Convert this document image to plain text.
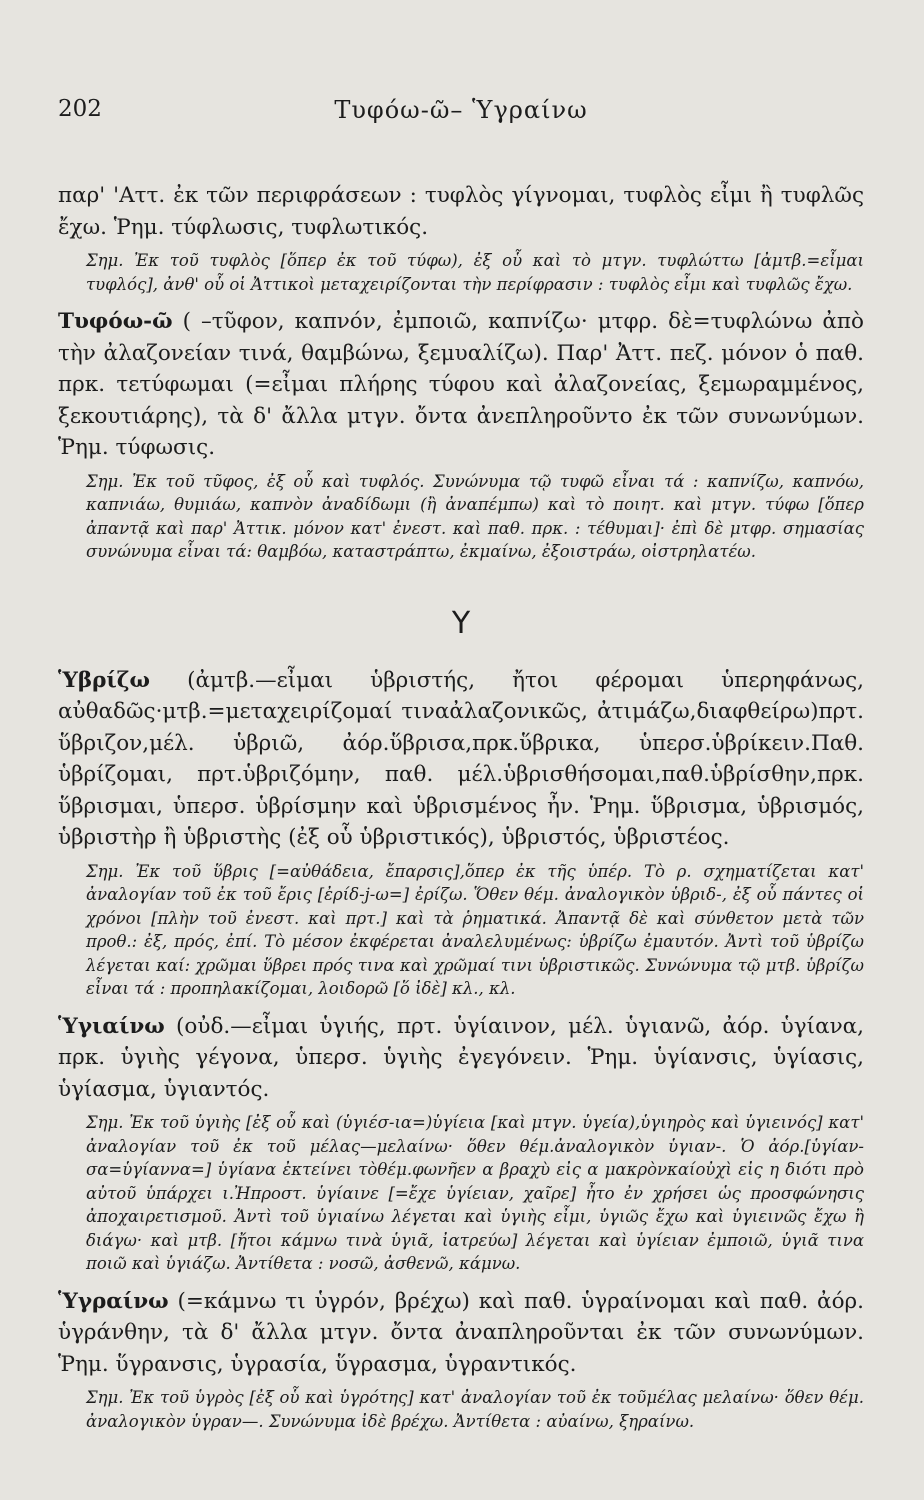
202	Τυφόω-ῶ– Ὑγραίνω

παρ' 'Αττ. ἐκ τῶν περιφράσεων : τυφλὸς γίγνομαι, τυφλὸς εἶμι ἢ τυφλῶς ἔχω. Ῥημ. τύφλωσις, τυφλωτικός.

Σημ. Ἐκ τοῦ τυφλὸς [ὅπερ ἐκ τοῦ τύφω), ἐξ οὗ καὶ τὸ μτγν. τυφλώττω [ἀμτβ.=εἶμαι τυφλός], ἀνθ' οὗ οἱ Ἀττικοὶ μεταχειρίζονται τὴν περίφρασιν : τυφλὸς εἶμι καὶ τυφλῶς ἔχω.

Τυφόω-ῶ ( –τῦφον, καπνόν, ἐμποιῶ, καπνίζω· μτφρ. δὲ=τυφλώνω ἀπὸ τὴν ἀλαζονείαν τινά, θαμβώνω, ξεμυαλίζω). Παρ' Ἀττ. πεζ. μόνον ὁ παθ. πρκ. τετύφωμαι (=εἶμαι πλήρης τύφου καὶ ἀλαζονείας, ξεμωραμμένος, ξεκουτιάρης), τὰ δ' ἄλλα μτγν. ὄντα ἀνεπληροῦντο ἐκ τῶν συνωνύμων. Ῥημ. τύφωσις.

Σημ. Ἐκ τοῦ τῦφος, ἐξ οὗ καὶ τυφλός. Συνώνυμα τῷ τυφῶ εἶναι τά : καπνίζω, καπνόω, καπνιάω, θυμιάω, καπνὸν ἀναδίδωμι (ἢ ἀναπέμπω) καὶ τὸ ποιητ. καὶ μτγν. τύφω [ὅπερ ἀπαντᾷ καὶ παρ' Ἀττικ. μόνον κατ' ἐνεστ. καὶ παθ. πρκ. : τέθυμαι]· ἐπὶ δὲ μτφρ. σημασίας συνώνυμα εἶναι τά: θαμβόω, καταστράπτω, ἐκμαίνω, ἐξοιστράω, οἰστρηλατέω.

Υ

Ὑβρίζω (ἀμτβ.—εἶμαι ὑβριστής, ἤτοι φέρομαι ὑπερηφάνως, αὐθαδῶς·μτβ.=μεταχειρίζομαί τιναἀλαζονικῶς, ἀτιμάζω,διαφθείρω)πρτ. ὕβριζον,μέλ. ὑβριῶ, ἀόρ.ὕβρισα,πρκ.ὕβρικα, ὑπερσ.ὑβρίκειν.Παθ. ὑβρίζομαι, πρτ.ὑβριζόμην, παθ. μέλ.ὑβρισθήσομαι,παθ.ὑβρίσθην,πρκ. ὕβρισμαι, ὑπερσ. ὑβρίσμην καὶ ὑβρισμένος ἦν. Ῥημ. ὕβρισμα, ὑβρισμός, ὑβριστὴρ ἢ ὑβριστὴς (ἐξ οὗ ὑβριστικός), ὑβριστός, ὑβριστέος.

Σημ. Ἐκ τοῦ ὕβρις [=αὐθάδεια, ἔπαρσις],ὅπερ ἐκ τῆς ὑπέρ. Τὸ ρ. σχηματίζεται κατ' ἀναλογίαν τοῦ ἐκ τοῦ ἔρις [ἐρίδ-j-ω=] ἐρίζω. Ὅθεν θέμ. ἀναλογικὸν ὑβριδ-, ἐξ οὗ πάντες οἱ χρόνοι [πλὴν τοῦ ἐνεστ. καὶ πρτ.] καὶ τὰ ῥηματικά. Ἀπαντᾷ δὲ καὶ σύνθετον μετὰ τῶν προθ.: ἐξ, πρός, ἐπί. Τὸ μέσον ἐκφέρεται ἀναλελυμένως: ὑβρίζω ἐμαυτόν. Ἀντὶ τοῦ ὑβρίζω λέγεται καί: χρῶμαι ὕβρει πρός τινα καὶ χρῶμαί τινι ὑβριστικῶς. Συνώνυμα τῷ μτβ. ὑβρίζω εἶναι τά : προπηλακίζομαι, λοιδορῶ [ὅ ἰδὲ] κλ., κλ.

Ὑγιαίνω (οὐδ.—εἶμαι ὑγιής, πρτ. ὑγίαινον, μέλ. ὑγιανῶ, ἀόρ. ὑγίανα, πρκ. ὑγιὴς γέγονα, ὑπερσ. ὑγιὴς ἐγεγόνειν. Ῥημ. ὑγίανσις, ὑγίασις, ὑγίασμα, ὑγιαντός.

Σημ. Ἐκ τοῦ ὑγιὴς [ἐξ οὗ καὶ (ὑγιέσ-ια=)ὑγίεια [καὶ μτγν. ὑγεία),ὑγιηρὸς καὶ ὑγιεινός] κατ' ἀναλογίαν τοῦ ἐκ τοῦ μέλας—μελαίνω· ὅθεν θέμ.ἀναλογικὸν ὑγιαν-. Ὁ ἀόρ.[ὑγίαν-σα=ὑγίαννα=] ὑγίανα ἐκτείνει τὸθέμ.φωνῆεν α βραχὺ εἰς α μακρὸνκαίοὐχὶ εἰς η διότι πρὸ αὐτοῦ ὑπάρχει ι.Ἠπροστ. ὑγίαινε [=ἔχε ὑγίειαν, χαῖρε] ἦτο ἐν χρήσει ὡς προσφώνησις ἀποχαιρετισμοῦ. Ἀντὶ τοῦ ὑγιαίνω λέγεται καὶ ὑγιὴς εἶμι, ὑγιῶς ἔχω καὶ ὑγιεινῶς ἔχω ἢ διάγω· καὶ μτβ. [ἤτοι κάμνω τινὰ ὑγιᾶ, ἰατρεύω] λέγεται καὶ ὑγίειαν ἐμποιῶ, ὑγιᾶ τινα ποιῶ καὶ ὑγιάζω. Ἀντίθετα : νοσῶ, ἀσθενῶ, κάμνω.

Ὑγραίνω (=κάμνω τι ὑγρόν, βρέχω) καὶ παθ. ὑγραίνομαι καὶ παθ. ἀόρ. ὑγράνθην, τὰ δ' ἄλλα μτγν. ὄντα ἀναπληροῦνται ἐκ τῶν συνωνύμων. Ῥημ. ὕγρανσις, ὑγρασία, ὕγρασμα, ὑγραντικός.

Σημ. Ἐκ τοῦ ὑγρὸς [ἐξ οὗ καὶ ὑγρότης] κατ' ἀναλογίαν τοῦ ἐκ τοῦμέλας μελαίνω· ὅθεν θέμ. ἀναλογικὸν ὑγραν—. Συνώνυμα ἰδὲ βρέχω. Ἀντίθετα : αὐαίνω, ξηραίνω.
